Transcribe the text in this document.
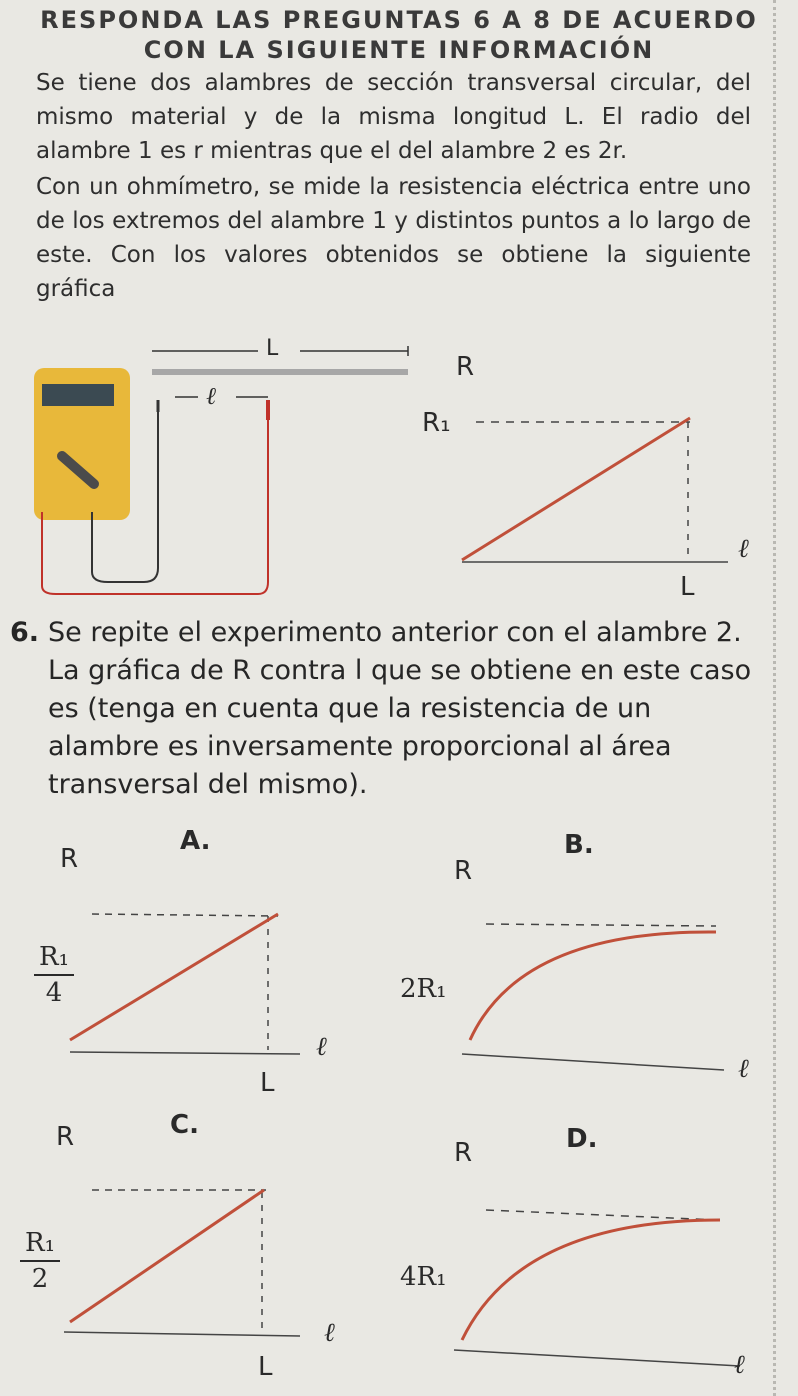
RESPONDA LAS PREGUNTAS 6 A 8 DE ACUERDO
CON LA SIGUIENTE INFORMACIÓN
Se tiene dos alambres de sección transversal circular, del mismo material y de la misma longitud L. El radio del alambre 1 es r mientras que el del alambre 2 es 2r.
Con un ohmímetro, se mide la resistencia eléctrica entre uno de los extremos del alambre 1 y distintos puntos a lo largo de este. Con los valores obtenidos se obtiene la siguiente gráfica
L
ℓ
R
R₁
ℓ
L
6. Se repite el experimento anterior con el alambre 2. La gráfica de R contra l que se obtiene en este caso es (tenga en cuenta que la resistencia de un alambre es inversamente proporcional al área transversal del mismo).
A.
R
R₁
4
ℓ
L
B.
R
2R₁
ℓ
C.
R
R₁
2
ℓ
L
D.
R
4R₁
ℓ
